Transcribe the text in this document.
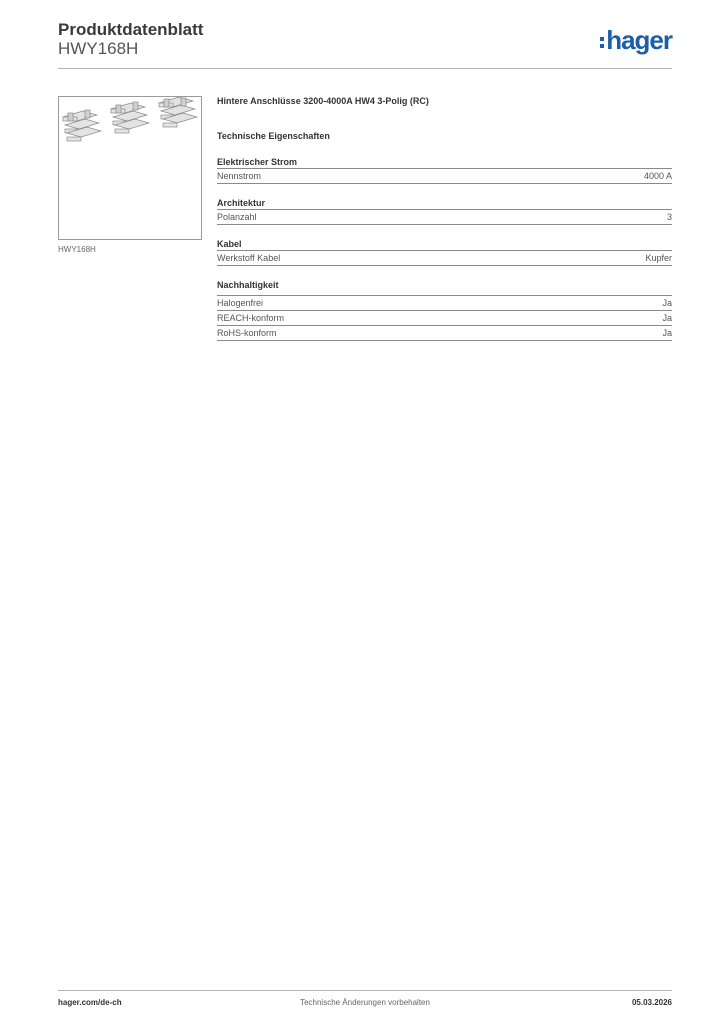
Produktdatenblatt
HWY168H	hager
HWY168H
Hintere Anschlüsse 3200-4000A HW4 3-Polig (RC)
Technische Eigenschaften
Elektrischer Strom
Nennstrom	4000 A
Architektur
Polanzahl	3
Kabel
Werkstoff Kabel	Kupfer
Nachhaltigkeit
Halogenfrei	Ja
REACH-konform	Ja
RoHS-konform	Ja
hager.com/de-ch	Technische Änderungen vorbehalten	05.03.2026
